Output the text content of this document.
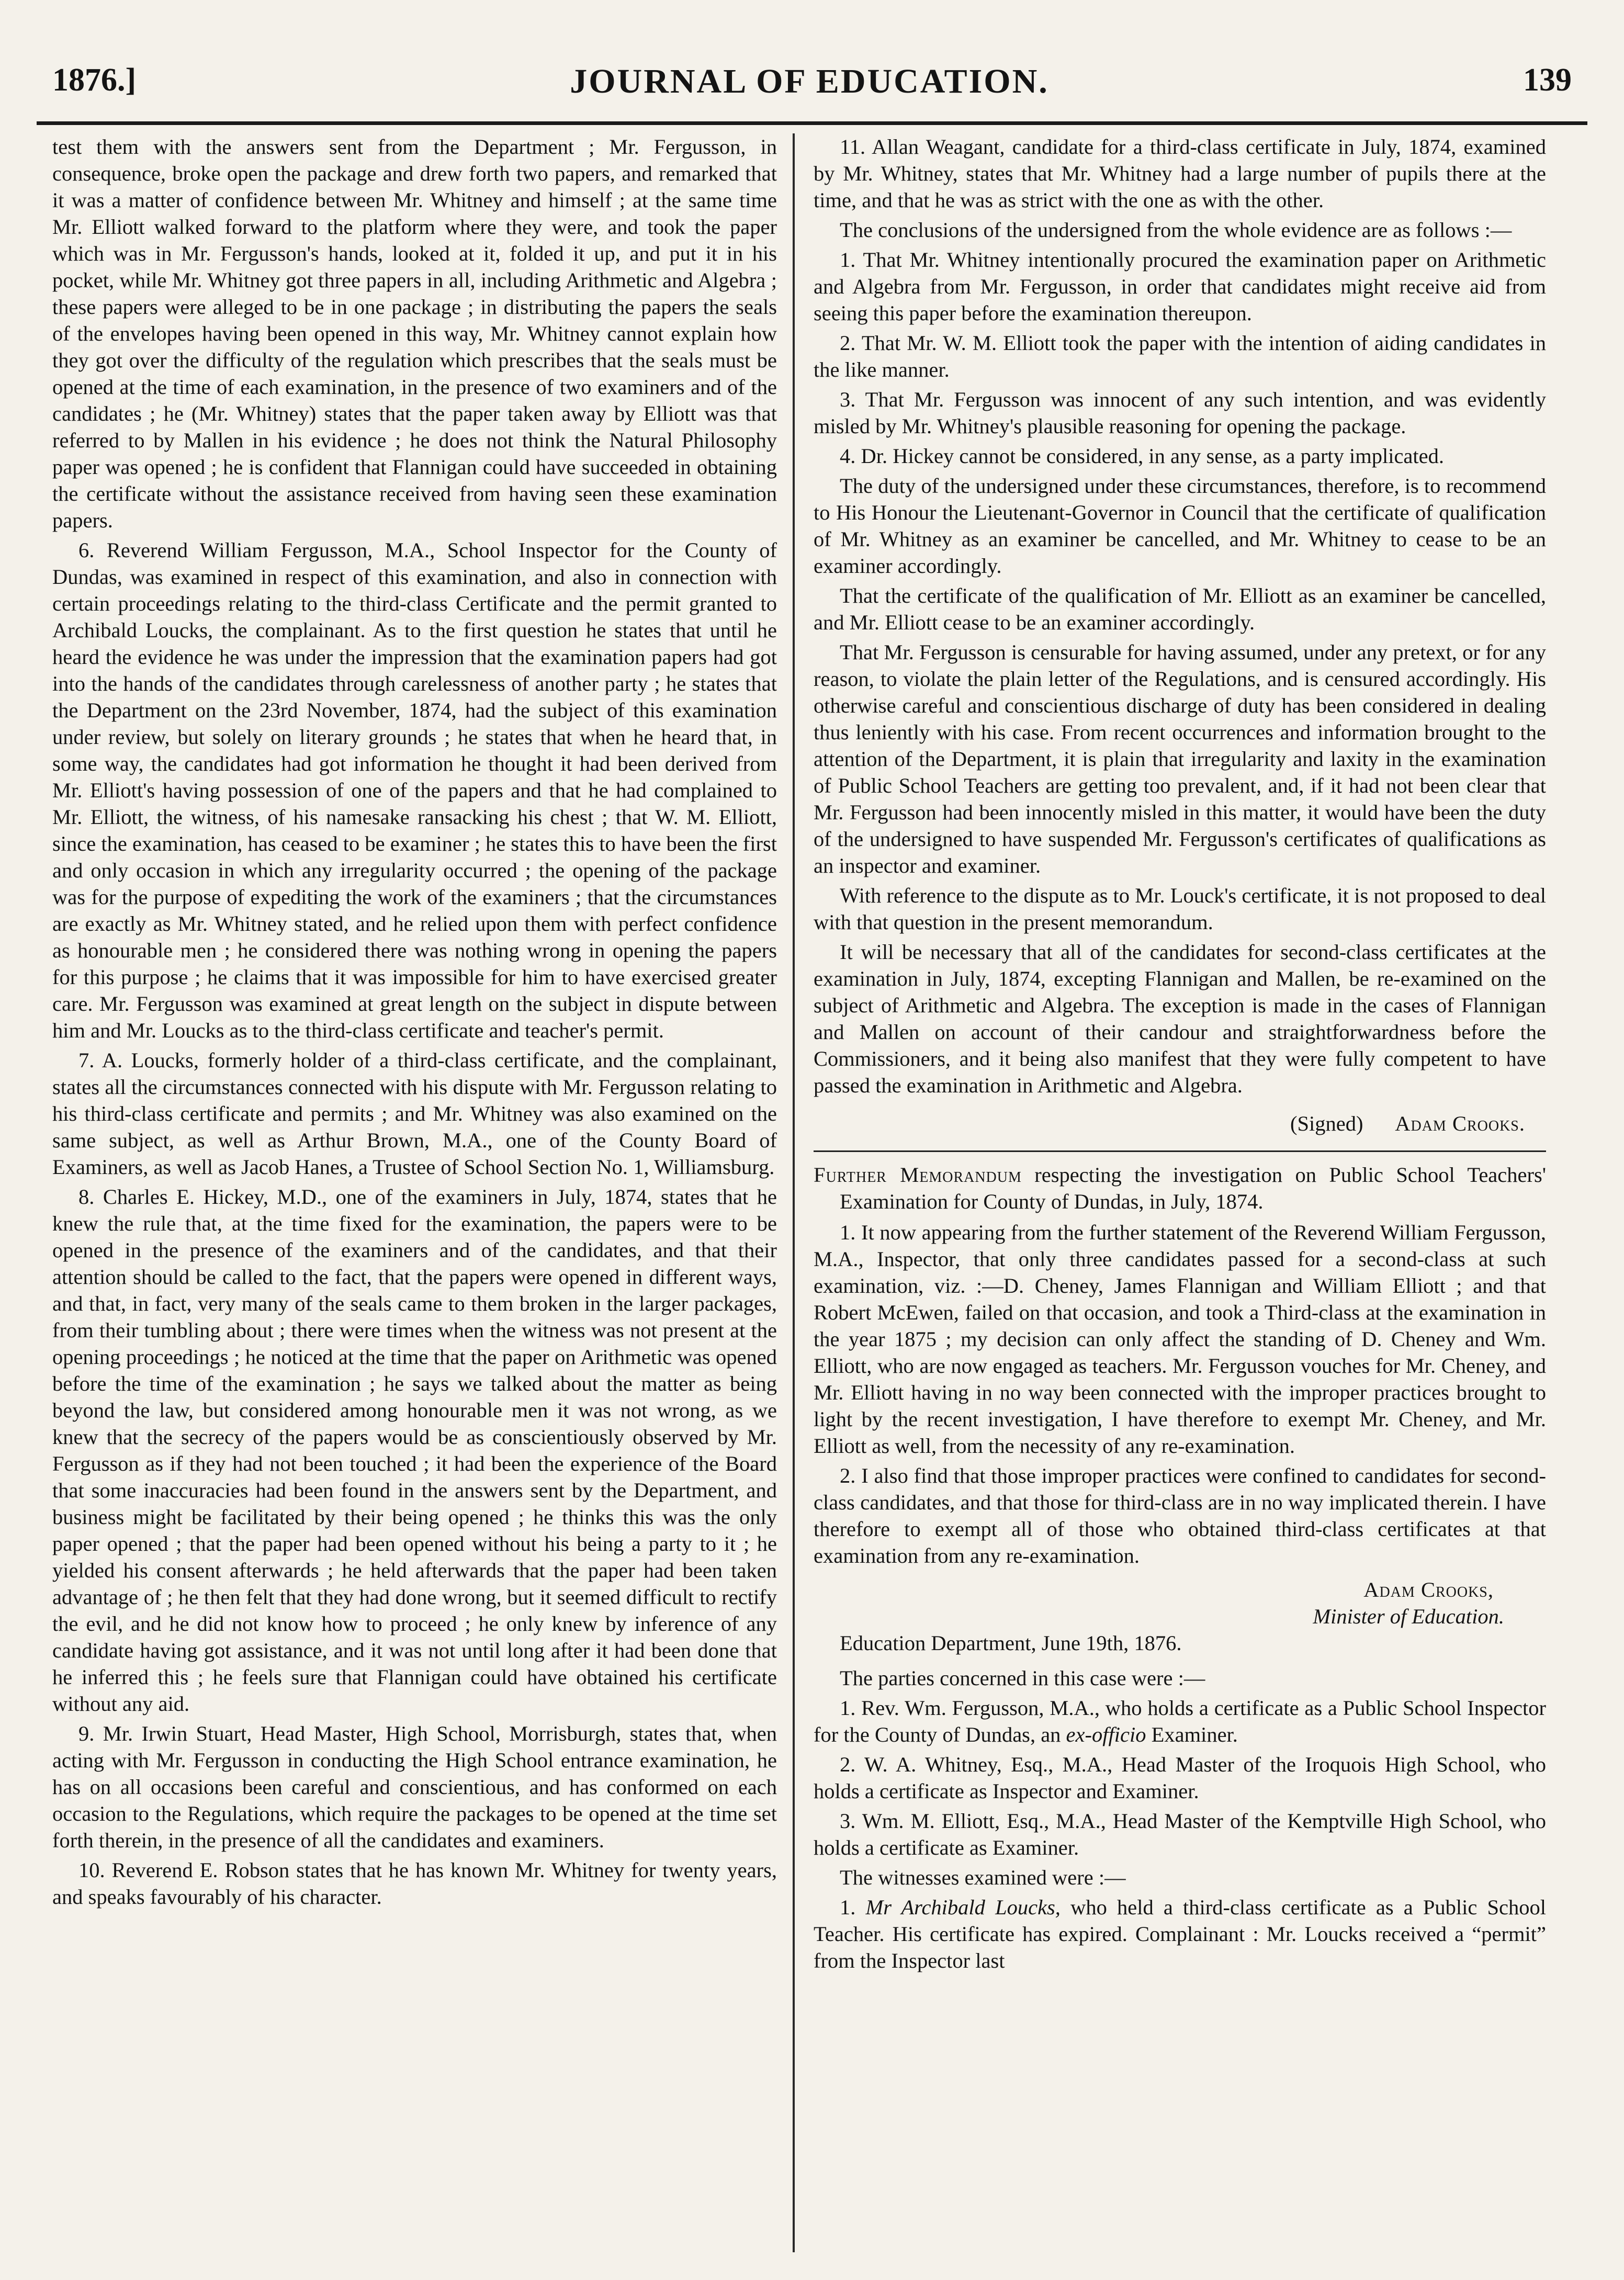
1876.]	JOURNAL OF EDUCATION.	139

test them with the answers sent from the Department ; Mr. Fergusson, in consequence, broke open the package and drew forth two papers, and remarked that it was a matter of confidence between Mr. Whitney and himself ; at the same time Mr. Elliott walked forward to the platform where they were, and took the paper which was in Mr. Fergusson's hands, looked at it, folded it up, and put it in his pocket, while Mr. Whitney got three papers in all, including Arithmetic and Algebra ; these papers were alleged to be in one package ; in distributing the papers the seals of the envelopes having been opened in this way, Mr. Whitney cannot explain how they got over the difficulty of the regulation which prescribes that the seals must be opened at the time of each examination, in the presence of two examiners and of the candidates ; he (Mr. Whitney) states that the paper taken away by Elliott was that referred to by Mallen in his evidence ; he does not think the Natural Philosophy paper was opened ; he is confident that Flannigan could have succeeded in obtaining the certificate without the assistance received from having seen these examination papers.

6. Reverend William Fergusson, M.A., School Inspector for the County of Dundas, was examined in respect of this examination, and also in connection with certain proceedings relating to the third-class Certificate and the permit granted to Archibald Loucks, the complainant. As to the first question he states that until he heard the evidence he was under the impression that the examination papers had got into the hands of the candidates through carelessness of another party ; he states that the Department on the 23rd November, 1874, had the subject of this examination under review, but solely on literary grounds ; he states that when he heard that, in some way, the candidates had got information he thought it had been derived from Mr. Elliott's having possession of one of the papers and that he had complained to Mr. Elliott, the witness, of his namesake ransacking his chest ; that W. M. Elliott, since the examination, has ceased to be examiner ; he states this to have been the first and only occasion in which any irregularity occurred ; the opening of the package was for the purpose of expediting the work of the examiners ; that the circumstances are exactly as Mr. Whitney stated, and he relied upon them with perfect confidence as honourable men ; he considered there was nothing wrong in opening the papers for this purpose ; he claims that it was impossible for him to have exercised greater care. Mr. Fergusson was examined at great length on the subject in dispute between him and Mr. Loucks as to the third-class certificate and teacher's permit.

7. A. Loucks, formerly holder of a third-class certificate, and the complainant, states all the circumstances connected with his dispute with Mr. Fergusson relating to his third-class certificate and permits ; and Mr. Whitney was also examined on the same subject, as well as Arthur Brown, M.A., one of the County Board of Examiners, as well as Jacob Hanes, a Trustee of School Section No. 1, Williamsburg.

8. Charles E. Hickey, M.D., one of the examiners in July, 1874, states that he knew the rule that, at the time fixed for the examination, the papers were to be opened in the presence of the examiners and of the candidates, and that their attention should be called to the fact, that the papers were opened in different ways, and that, in fact, very many of the seals came to them broken in the larger packages, from their tumbling about ; there were times when the witness was not present at the opening proceedings ; he noticed at the time that the paper on Arithmetic was opened before the time of the examination ; he says we talked about the matter as being beyond the law, but considered among honourable men it was not wrong, as we knew that the secrecy of the papers would be as conscientiously observed by Mr. Fergusson as if they had not been touched ; it had been the experience of the Board that some inaccuracies had been found in the answers sent by the Department, and business might be facilitated by their being opened ; he thinks this was the only paper opened ; that the paper had been opened without his being a party to it ; he yielded his consent afterwards ; he held afterwards that the paper had been taken advantage of ; he then felt that they had done wrong, but it seemed difficult to rectify the evil, and he did not know how to proceed ; he only knew by inference of any candidate having got assistance, and it was not until long after it had been done that he inferred this ; he feels sure that Flannigan could have obtained his certificate without any aid.

9. Mr. Irwin Stuart, Head Master, High School, Morrisburgh, states that, when acting with Mr. Fergusson in conducting the High School entrance examination, he has on all occasions been careful and conscientious, and has conformed on each occasion to the Regulations, which require the packages to be opened at the time set forth therein, in the presence of all the candidates and examiners.

10. Reverend E. Robson states that he has known Mr. Whitney for twenty years, and speaks favourably of his character.

11. Allan Weagant, candidate for a third-class certificate in July, 1874, examined by Mr. Whitney, states that Mr. Whitney had a large number of pupils there at the time, and that he was as strict with the one as with the other.

The conclusions of the undersigned from the whole evidence are as follows :—

1. That Mr. Whitney intentionally procured the examination paper on Arithmetic and Algebra from Mr. Fergusson, in order that candidates might receive aid from seeing this paper before the examination thereupon.

2. That Mr. W. M. Elliott took the paper with the intention of aiding candidates in the like manner.

3. That Mr. Fergusson was innocent of any such intention, and was evidently misled by Mr. Whitney's plausible reasoning for opening the package.

4. Dr. Hickey cannot be considered, in any sense, as a party implicated.

The duty of the undersigned under these circumstances, therefore, is to recommend to His Honour the Lieutenant-Governor in Council that the certificate of qualification of Mr. Whitney as an examiner be cancelled, and Mr. Whitney to cease to be an examiner accordingly.

That the certificate of the qualification of Mr. Elliott as an examiner be cancelled, and Mr. Elliott cease to be an examiner accordingly.

That Mr. Fergusson is censurable for having assumed, under any pretext, or for any reason, to violate the plain letter of the Regulations, and is censured accordingly. His otherwise careful and conscientious discharge of duty has been considered in dealing thus leniently with his case. From recent occurrences and information brought to the attention of the Department, it is plain that irregularity and laxity in the examination of Public School Teachers are getting too prevalent, and, if it had not been clear that Mr. Fergusson had been innocently misled in this matter, it would have been the duty of the undersigned to have suspended Mr. Fergusson's certificates of qualifications as an inspector and examiner.

With reference to the dispute as to Mr. Louck's certificate, it is not proposed to deal with that question in the present memorandum.

It will be necessary that all of the candidates for second-class certificates at the examination in July, 1874, excepting Flannigan and Mallen, be re-examined on the subject of Arithmetic and Algebra. The exception is made in the cases of Flannigan and Mallen on account of their candour and straightforwardness before the Commissioners, and it being also manifest that they were fully competent to have passed the examination in Arithmetic and Algebra.

(Signed) Adam Crooks.

Further Memorandum respecting the investigation on Public School Teachers' Examination for County of Dundas, in July, 1874.

1. It now appearing from the further statement of the Reverend William Fergusson, M.A., Inspector, that only three candidates passed for a second-class at such examination, viz. :—D. Cheney, James Flannigan and William Elliott ; and that Robert McEwen, failed on that occasion, and took a Third-class at the examination in the year 1875 ; my decision can only affect the standing of D. Cheney and Wm. Elliott, who are now engaged as teachers. Mr. Fergusson vouches for Mr. Cheney, and Mr. Elliott having in no way been connected with the improper practices brought to light by the recent investigation, I have therefore to exempt Mr. Cheney, and Mr. Elliott as well, from the necessity of any re-examination.

2. I also find that those improper practices were confined to candidates for second-class candidates, and that those for third-class are in no way implicated therein. I have therefore to exempt all of those who obtained third-class certificates at that examination from any re-examination.

Adam Crooks,
Minister of Education.

Education Department, June 19th, 1876.

The parties concerned in this case were :—

1. Rev. Wm. Fergusson, M.A., who holds a certificate as a Public School Inspector for the County of Dundas, an ex-officio Examiner.

2. W. A. Whitney, Esq., M.A., Head Master of the Iroquois High School, who holds a certificate as Inspector and Examiner.

3. Wm. M. Elliott, Esq., M.A., Head Master of the Kemptville High School, who holds a certificate as Examiner.

The witnesses examined were :—

1. Mr Archibald Loucks, who held a third-class certificate as a Public School Teacher. His certificate has expired. Complainant : Mr. Loucks received a “permit” from the Inspector last
